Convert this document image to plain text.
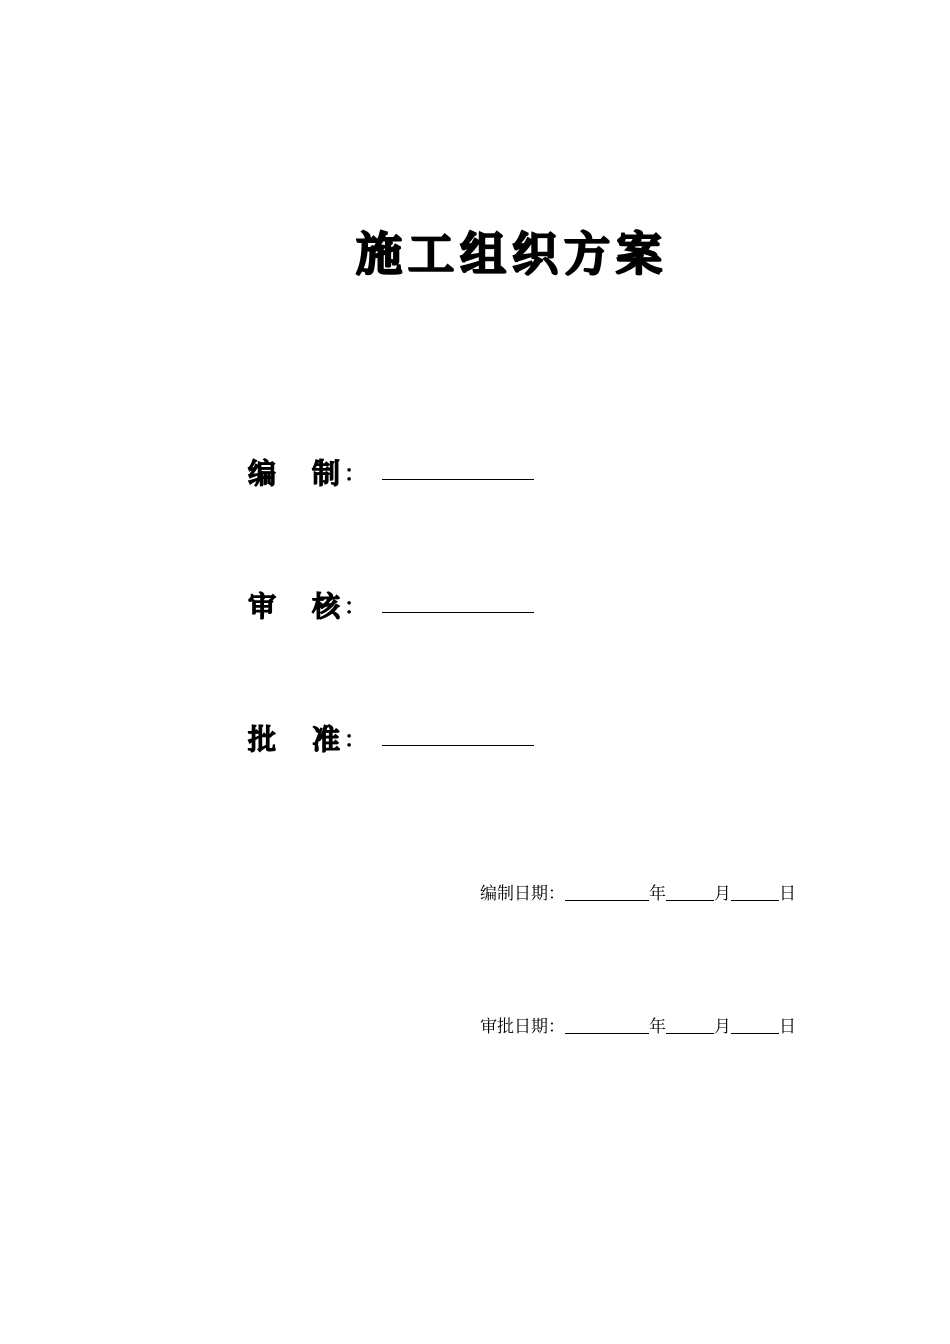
施工组织方案
编 制 ：
审 核 ：
批 准 ：
编制日期：	年	月	日
审批日期：	年	月	日
